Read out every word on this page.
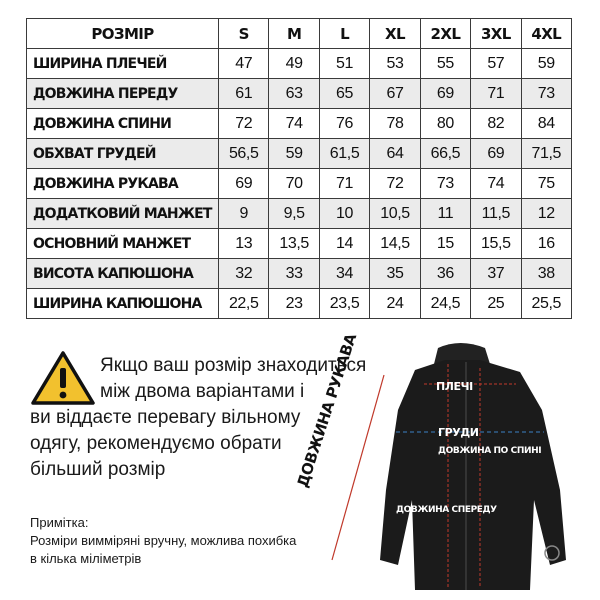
РОЗМІР	S	M	L	XL	2XL	3XL	4XL
ШИРИНА ПЛЕЧЕЙ	47	49	51	53	55	57	59
ДОВЖИНА ПЕРЕДУ	61	63	65	67	69	71	73
ДОВЖИНА СПИНИ	72	74	76	78	80	82	84
ОБХВАТ ГРУДЕЙ	56,5	59	61,5	64	66,5	69	71,5
ДОВЖИНА РУКАВА	69	70	71	72	73	74	75
ДОДАТКОВИЙ МАНЖЕТ	9	9,5	10	10,5	11	11,5	12
ОСНОВНИЙ МАНЖЕТ	13	13,5	14	14,5	15	15,5	16
ВИСОТА КАПЮШОНА	32	33	34	35	36	37	38
ШИРИНА КАПЮШОНА	22,5	23	23,5	24	24,5	25	25,5
Якщо ваш розмір знаходиться
між двома варіантами і
ви віддаєте перевагу вільному
одягу, рекомендуємо обрати
більший розмір
Примітка:
Розміри вимміряні вручну, можлива похибка
в кілька міліметрів
ДОВЖИНА РУКАВА	ПЛЕЧІ
ГРУДИ
ДОВЖИНА ПО СПИНІ
ДОВЖИНА СПЕРЕДУ
